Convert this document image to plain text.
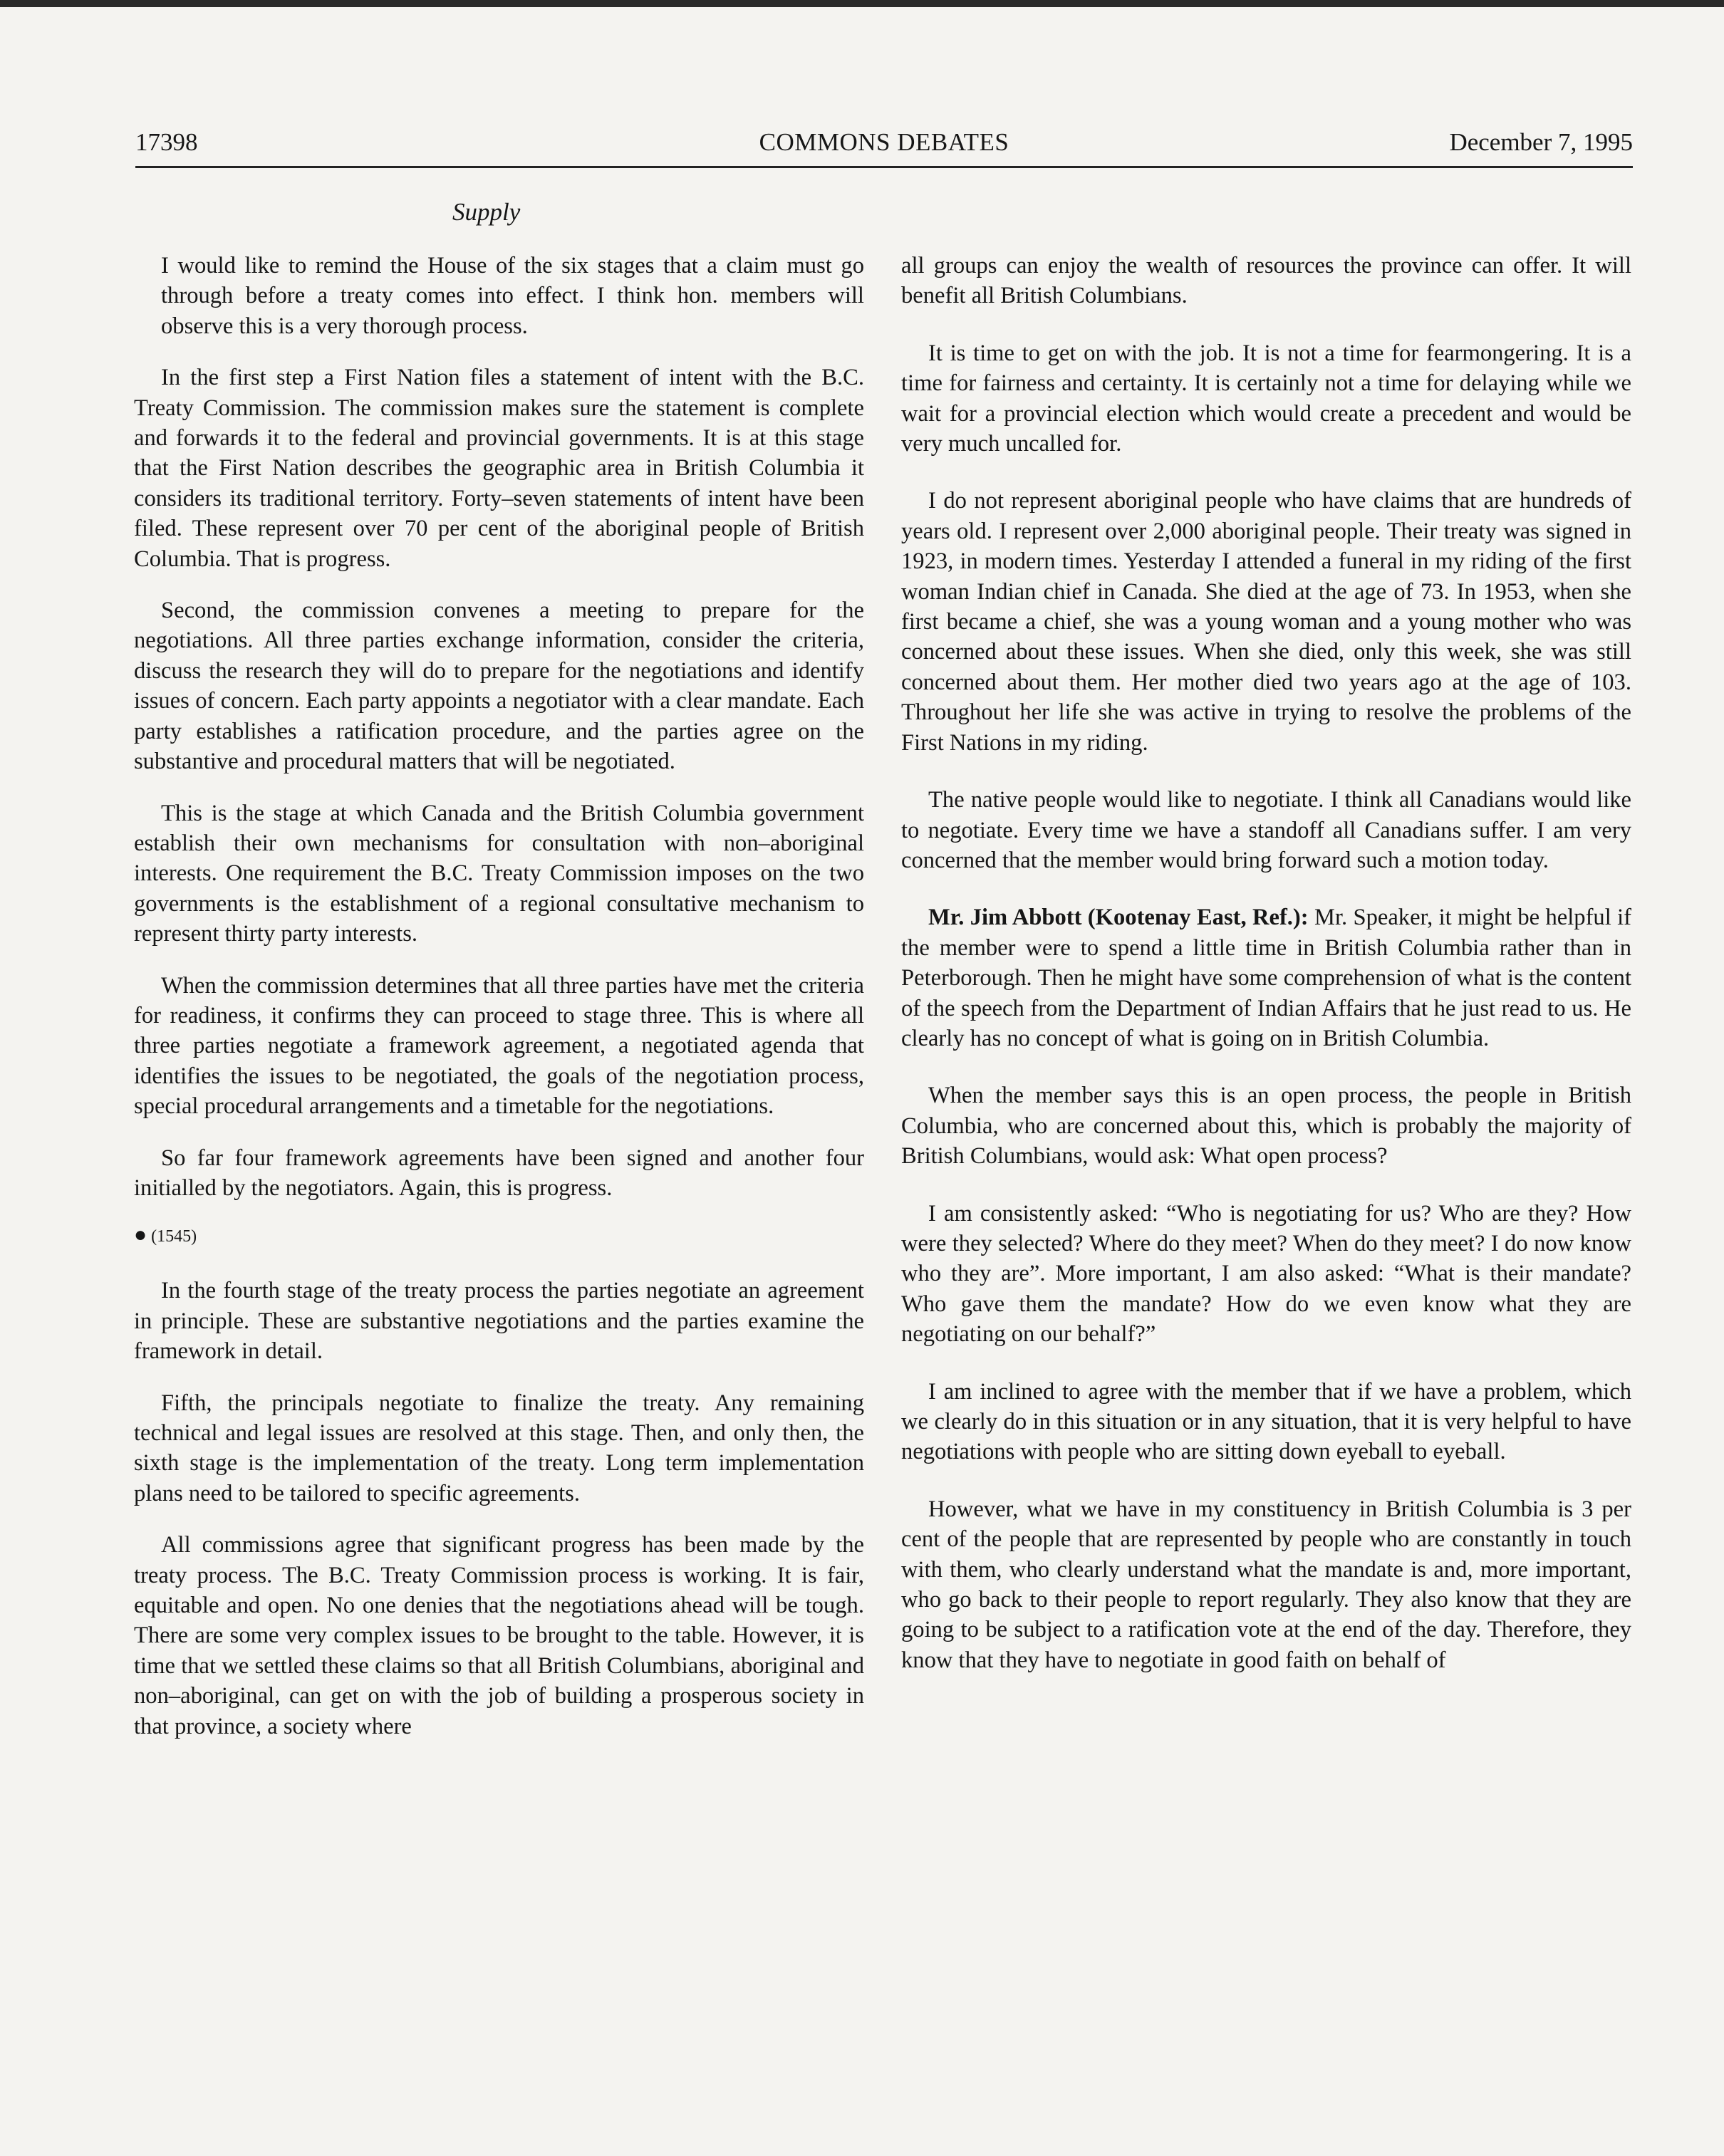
17398	COMMONS DEBATES	December 7, 1995
Supply

I would like to remind the House of the six stages that a claim must go through before a treaty comes into effect. I think hon. members will observe this is a very thorough process.

In the first step a First Nation files a statement of intent with the B.C. Treaty Commission. The commission makes sure the statement is complete and forwards it to the federal and provincial governments. It is at this stage that the First Nation describes the geographic area in British Columbia it considers its traditional territory. Forty–seven statements of intent have been filed. These represent over 70 per cent of the aboriginal people of British Columbia. That is progress.

Second, the commission convenes a meeting to prepare for the negotiations. All three parties exchange information, consider the criteria, discuss the research they will do to prepare for the negotiations and identify issues of concern. Each party appoints a negotiator with a clear mandate. Each party establishes a ratification procedure, and the parties agree on the substantive and procedural matters that will be negotiated.

This is the stage at which Canada and the British Columbia government establish their own mechanisms for consultation with non–aboriginal interests. One requirement the B.C. Treaty Commission imposes on the two governments is the establishment of a regional consultative mechanism to represent thirty party interests.

When the commission determines that all three parties have met the criteria for readiness, it confirms they can proceed to stage three. This is where all three parties negotiate a framework agreement, a negotiated agenda that identifies the issues to be negotiated, the goals of the negotiation process, special procedural arrangements and a timetable for the negotiations.

So far four framework agreements have been signed and another four initialled by the negotiators. Again, this is progress.

● (1545)

In the fourth stage of the treaty process the parties negotiate an agreement in principle. These are substantive negotiations and the parties examine the framework in detail.

Fifth, the principals negotiate to finalize the treaty. Any remaining technical and legal issues are resolved at this stage. Then, and only then, the sixth stage is the implementation of the treaty. Long term implementation plans need to be tailored to specific agreements.

All commissions agree that significant progress has been made by the treaty process. The B.C. Treaty Commission process is working. It is fair, equitable and open. No one denies that the negotiations ahead will be tough. There are some very complex issues to be brought to the table. However, it is time that we settled these claims so that all British Columbians, aboriginal and non–aboriginal, can get on with the job of building a prosperous society in that province, a society where

all groups can enjoy the wealth of resources the province can offer. It will benefit all British Columbians.

It is time to get on with the job. It is not a time for fearmongering. It is a time for fairness and certainty. It is certainly not a time for delaying while we wait for a provincial election which would create a precedent and would be very much uncalled for.

I do not represent aboriginal people who have claims that are hundreds of years old. I represent over 2,000 aboriginal people. Their treaty was signed in 1923, in modern times. Yesterday I attended a funeral in my riding of the first woman Indian chief in Canada. She died at the age of 73. In 1953, when she first became a chief, she was a young woman and a young mother who was concerned about these issues. When she died, only this week, she was still concerned about them. Her mother died two years ago at the age of 103. Throughout her life she was active in trying to resolve the problems of the First Nations in my riding.

The native people would like to negotiate. I think all Canadians would like to negotiate. Every time we have a standoff all Canadians suffer. I am very concerned that the member would bring forward such a motion today.

Mr. Jim Abbott (Kootenay East, Ref.): Mr. Speaker, it might be helpful if the member were to spend a little time in British Columbia rather than in Peterborough. Then he might have some comprehension of what is the content of the speech from the Department of Indian Affairs that he just read to us. He clearly has no concept of what is going on in British Columbia.

When the member says this is an open process, the people in British Columbia, who are concerned about this, which is probably the majority of British Columbians, would ask: What open process?

I am consistently asked: “Who is negotiating for us? Who are they? How were they selected? Where do they meet? When do they meet? I do now know who they are”. More important, I am also asked: “What is their mandate? Who gave them the mandate? How do we even know what they are negotiating on our behalf?”

I am inclined to agree with the member that if we have a problem, which we clearly do in this situation or in any situation, that it is very helpful to have negotiations with people who are sitting down eyeball to eyeball.

However, what we have in my constituency in British Columbia is 3 per cent of the people that are represented by people who are constantly in touch with them, who clearly understand what the mandate is and, more important, who go back to their people to report regularly. They also know that they are going to be subject to a ratification vote at the end of the day. Therefore, they know that they have to negotiate in good faith on behalf of
